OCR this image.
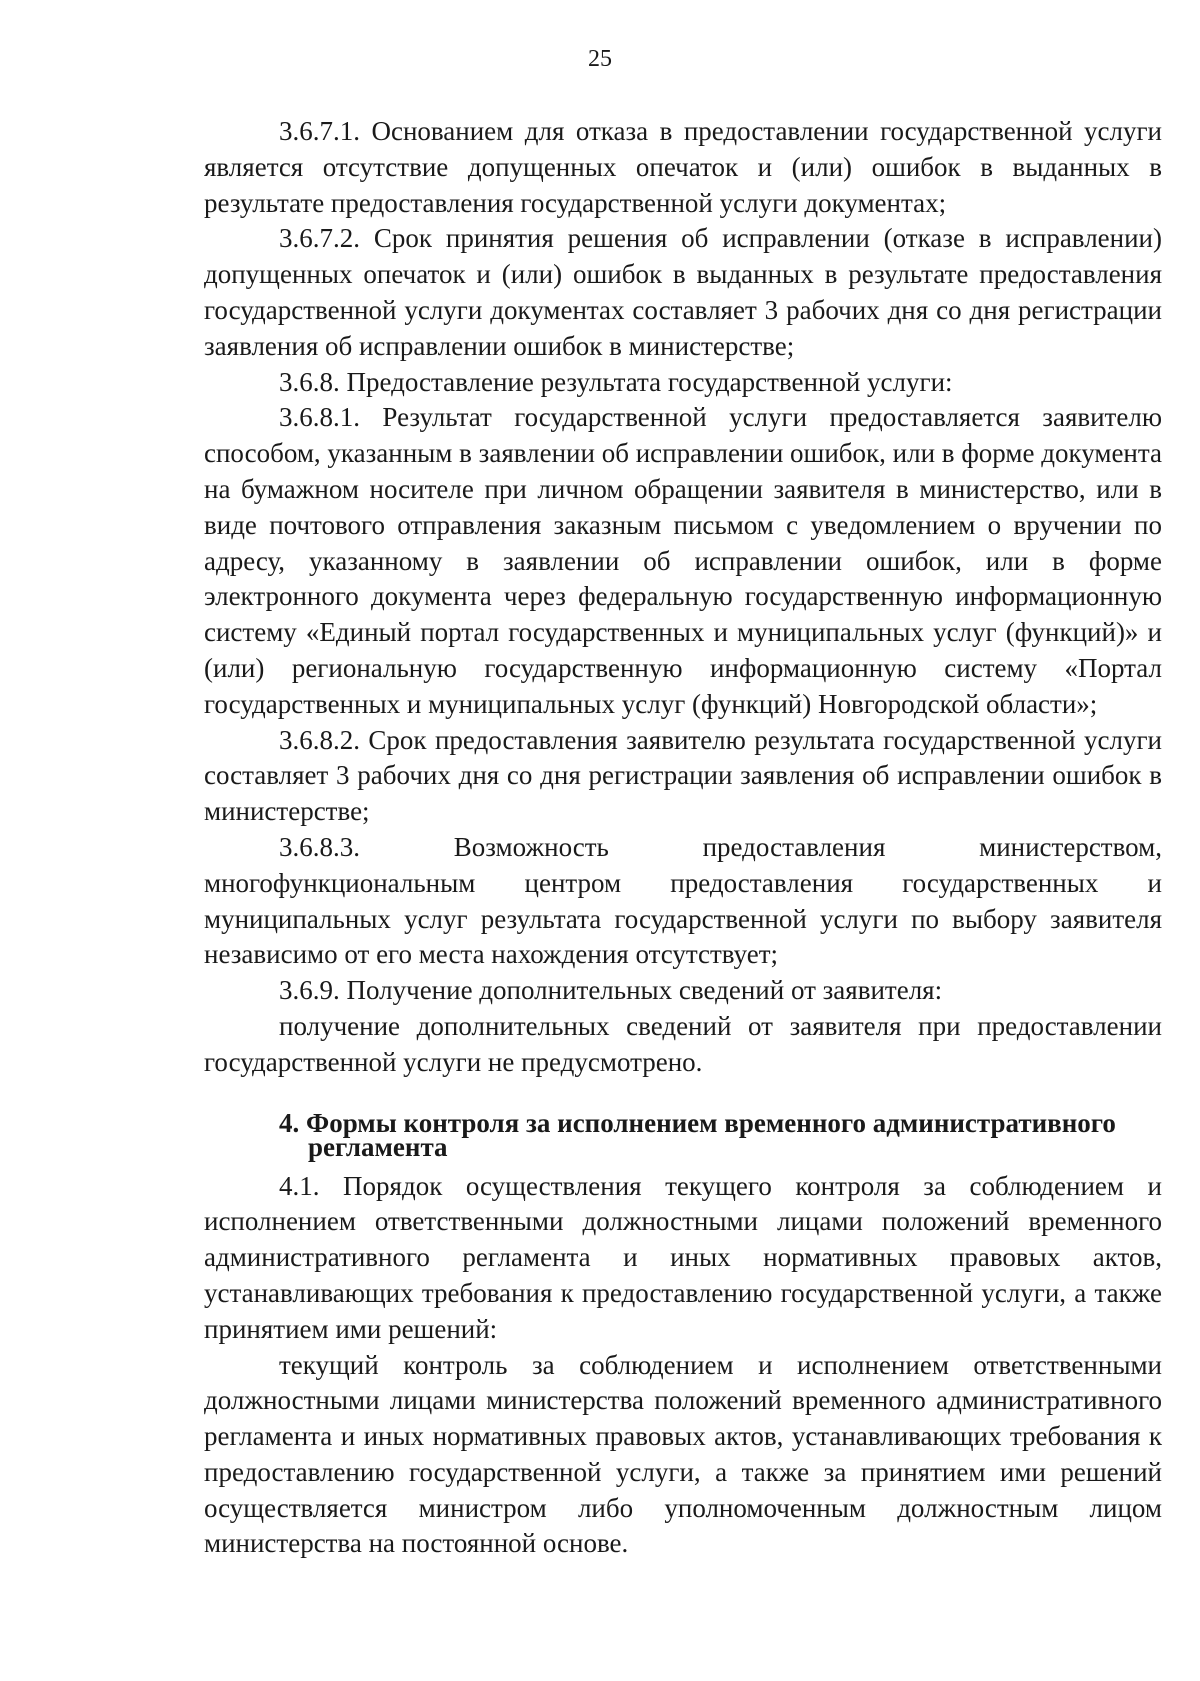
25

3.6.7.1. Основанием для отказа в предоставлении государственной услуги является отсутствие допущенных опечаток и (или) ошибок в выданных в результате предоставления государственной услуги документах;

3.6.7.2. Срок принятия решения об исправлении (отказе в исправлении) допущенных опечаток и (или) ошибок в выданных в результате предоставления государственной услуги документах составляет 3 рабочих дня со дня регистрации заявления об исправлении ошибок в министерстве;

3.6.8. Предоставление результата государственной услуги:

3.6.8.1. Результат государственной услуги предоставляется заявителю способом, указанным в заявлении об исправлении ошибок, или в форме документа на бумажном носителе при личном обращении заявителя в министерство, или в виде почтового отправления заказным письмом с уведомлением о вручении по адресу, указанному в заявлении об исправлении ошибок, или в форме электронного документа через федеральную государственную информационную систему «Единый портал государственных и муниципальных услуг (функций)» и (или) региональную государственную информационную систему «Портал государственных и муниципальных услуг (функций) Новгородской области»;

3.6.8.2. Срок предоставления заявителю результата государственной услуги составляет 3 рабочих дня со дня регистрации заявления об исправлении ошибок в министерстве;

3.6.8.3. Возможность предоставления министерством, многофункциональным центром предоставления государственных и муниципальных услуг результата государственной услуги по выбору заявителя независимо от его места нахождения отсутствует;

3.6.9. Получение дополнительных сведений от заявителя:

получение дополнительных сведений от заявителя при предоставлении государственной услуги не предусмотрено.

4. Формы контроля за исполнением временного административного
регламента

4.1. Порядок осуществления текущего контроля за соблюдением и исполнением ответственными должностными лицами положений временного административного регламента и иных нормативных правовых актов, устанавливающих требования к предоставлению государственной услуги, а также принятием ими решений:

текущий контроль за соблюдением и исполнением ответственными должностными лицами министерства положений временного административного регламента и иных нормативных правовых актов, устанавливающих требования к предоставлению государственной услуги, а также за принятием ими решений осуществляется министром либо уполномоченным должностным лицом министерства на постоянной основе.
